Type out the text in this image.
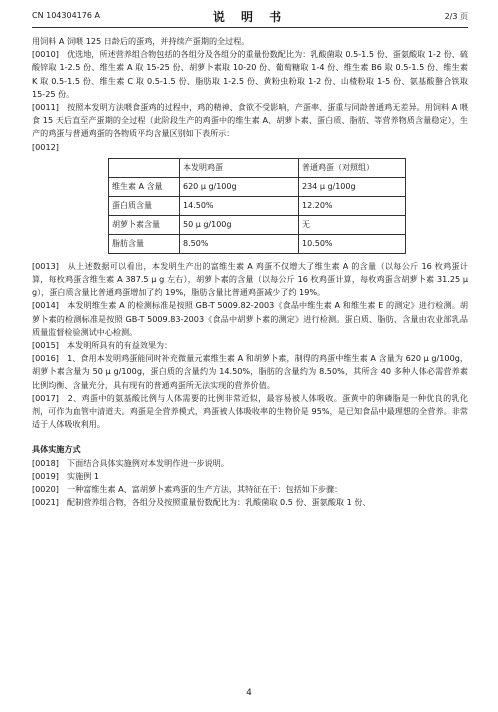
CN 104304176 A	说 明 书	2/3 页

用饲料 A 饲喂 125 日龄后的蛋鸡，并持续产蛋期的全过程。

[0010]　优选地，所述营养组合物包括的各组分及各组分的重量份数配比为：乳酸菌取 0.5-1.5 份、蛋氨酸取 1-2 份、硫酸锌取 1-2.5 份、维生素 A 取 15-25 份、胡萝卜素取 10-20 份、葡萄糖取 1-4 份、维生素 B6 取 0.5-1.5 份、维生素 K 取 0.5-1.5 份、维生素 C 取 0.5-1.5 份、脂肪取 1-2.5 份、黄粉虫粉取 1-2 份、山楂粉取 1-5 份、氨基酸螯合铁取 15-25 份。

[0011]　按照本发明方法喂食蛋鸡的过程中，鸡的精神、食欲不受影响，产蛋率、蛋重与同龄普通鸡无差异。用饲料 A 喂食 15 天后直至产蛋期的全过程（此阶段生产的鸡蛋中的维生素 A、胡萝卜素、蛋白质、脂肪、等营养物质含量稳定），生产的鸡蛋与普通鸡蛋的各物质平均含量区别如下表所示：

[0012]

	本发明鸡蛋	普通鸡蛋（对照组）
维生素 A 含量	620 μ g/100g	234 μ g/100g
蛋白质含量	14.50%	12.20%
胡萝卜素含量	50 μ g/100g	无
脂肪含量	8.50%	10.50%

[0013]　从上述数据可以看出，本发明生产出的富维生素 A 鸡蛋不仅增大了维生素 A 的含量（以每公斤 16 枚鸡蛋计算，每枚鸡蛋含维生素 A 387.5 μ g 左右），胡萝卜素的含量（以每公斤 16 枚鸡蛋计算，每枚鸡蛋含胡萝卜素 31.25 μ g），蛋白质含量比普通鸡蛋增加了约 19%，脂肪含量比普通鸡蛋减少了约 19%。

[0014]　本发明维生素 A 的检测标准是按照 GB-T 5009.82-2003《食品中维生素 A 和维生素 E 的测定》进行检测。胡萝卜素的检测标准是按照 GB-T 5009.83-2003《食品中胡萝卜素的测定》进行检测。蛋白质、脂肪、含量由农业部乳品质量监督检验测试中心检测。

[0015]　本发明所具有的有益效果为：

[0016]　1、食用本发明鸡蛋能同时补充微量元素维生素 A 和胡萝卜素，制得的鸡蛋中维生素 A 含量为 620 μ g/100g，胡萝卜素含量为 50 μ g/100g，蛋白质的含量约为 14.50%，脂肪的含量约为 8.50%，其所含 40 多种人体必需营养素比例均衡、含量充分，具有现有的普通鸡蛋所无法实现的营养价值。

[0017]　2、鸡蛋中的氨基酸比例与人体需要的比例非常近似，最容易被人体吸收。蛋黄中的卵磷脂是一种优良的乳化剂，可作为血管中清道夫。鸡蛋是全营养模式，鸡蛋被人体吸收率的生物价是 95%，是已知食品中最理想的全营养。非常适于人体吸收利用。

具体实施方式

[0018]　下面结合具体实施例对本发明作进一步说明。

[0019]　实施例 1

[0020]　一种富维生素 A、富胡萝卜素鸡蛋的生产方法，其特征在于：包括如下步骤：

[0021]　配制营养组合物，各组分及按照重量份数配比为：乳酸菌取 0.5 份、蛋氨酸取 1 份、

4
